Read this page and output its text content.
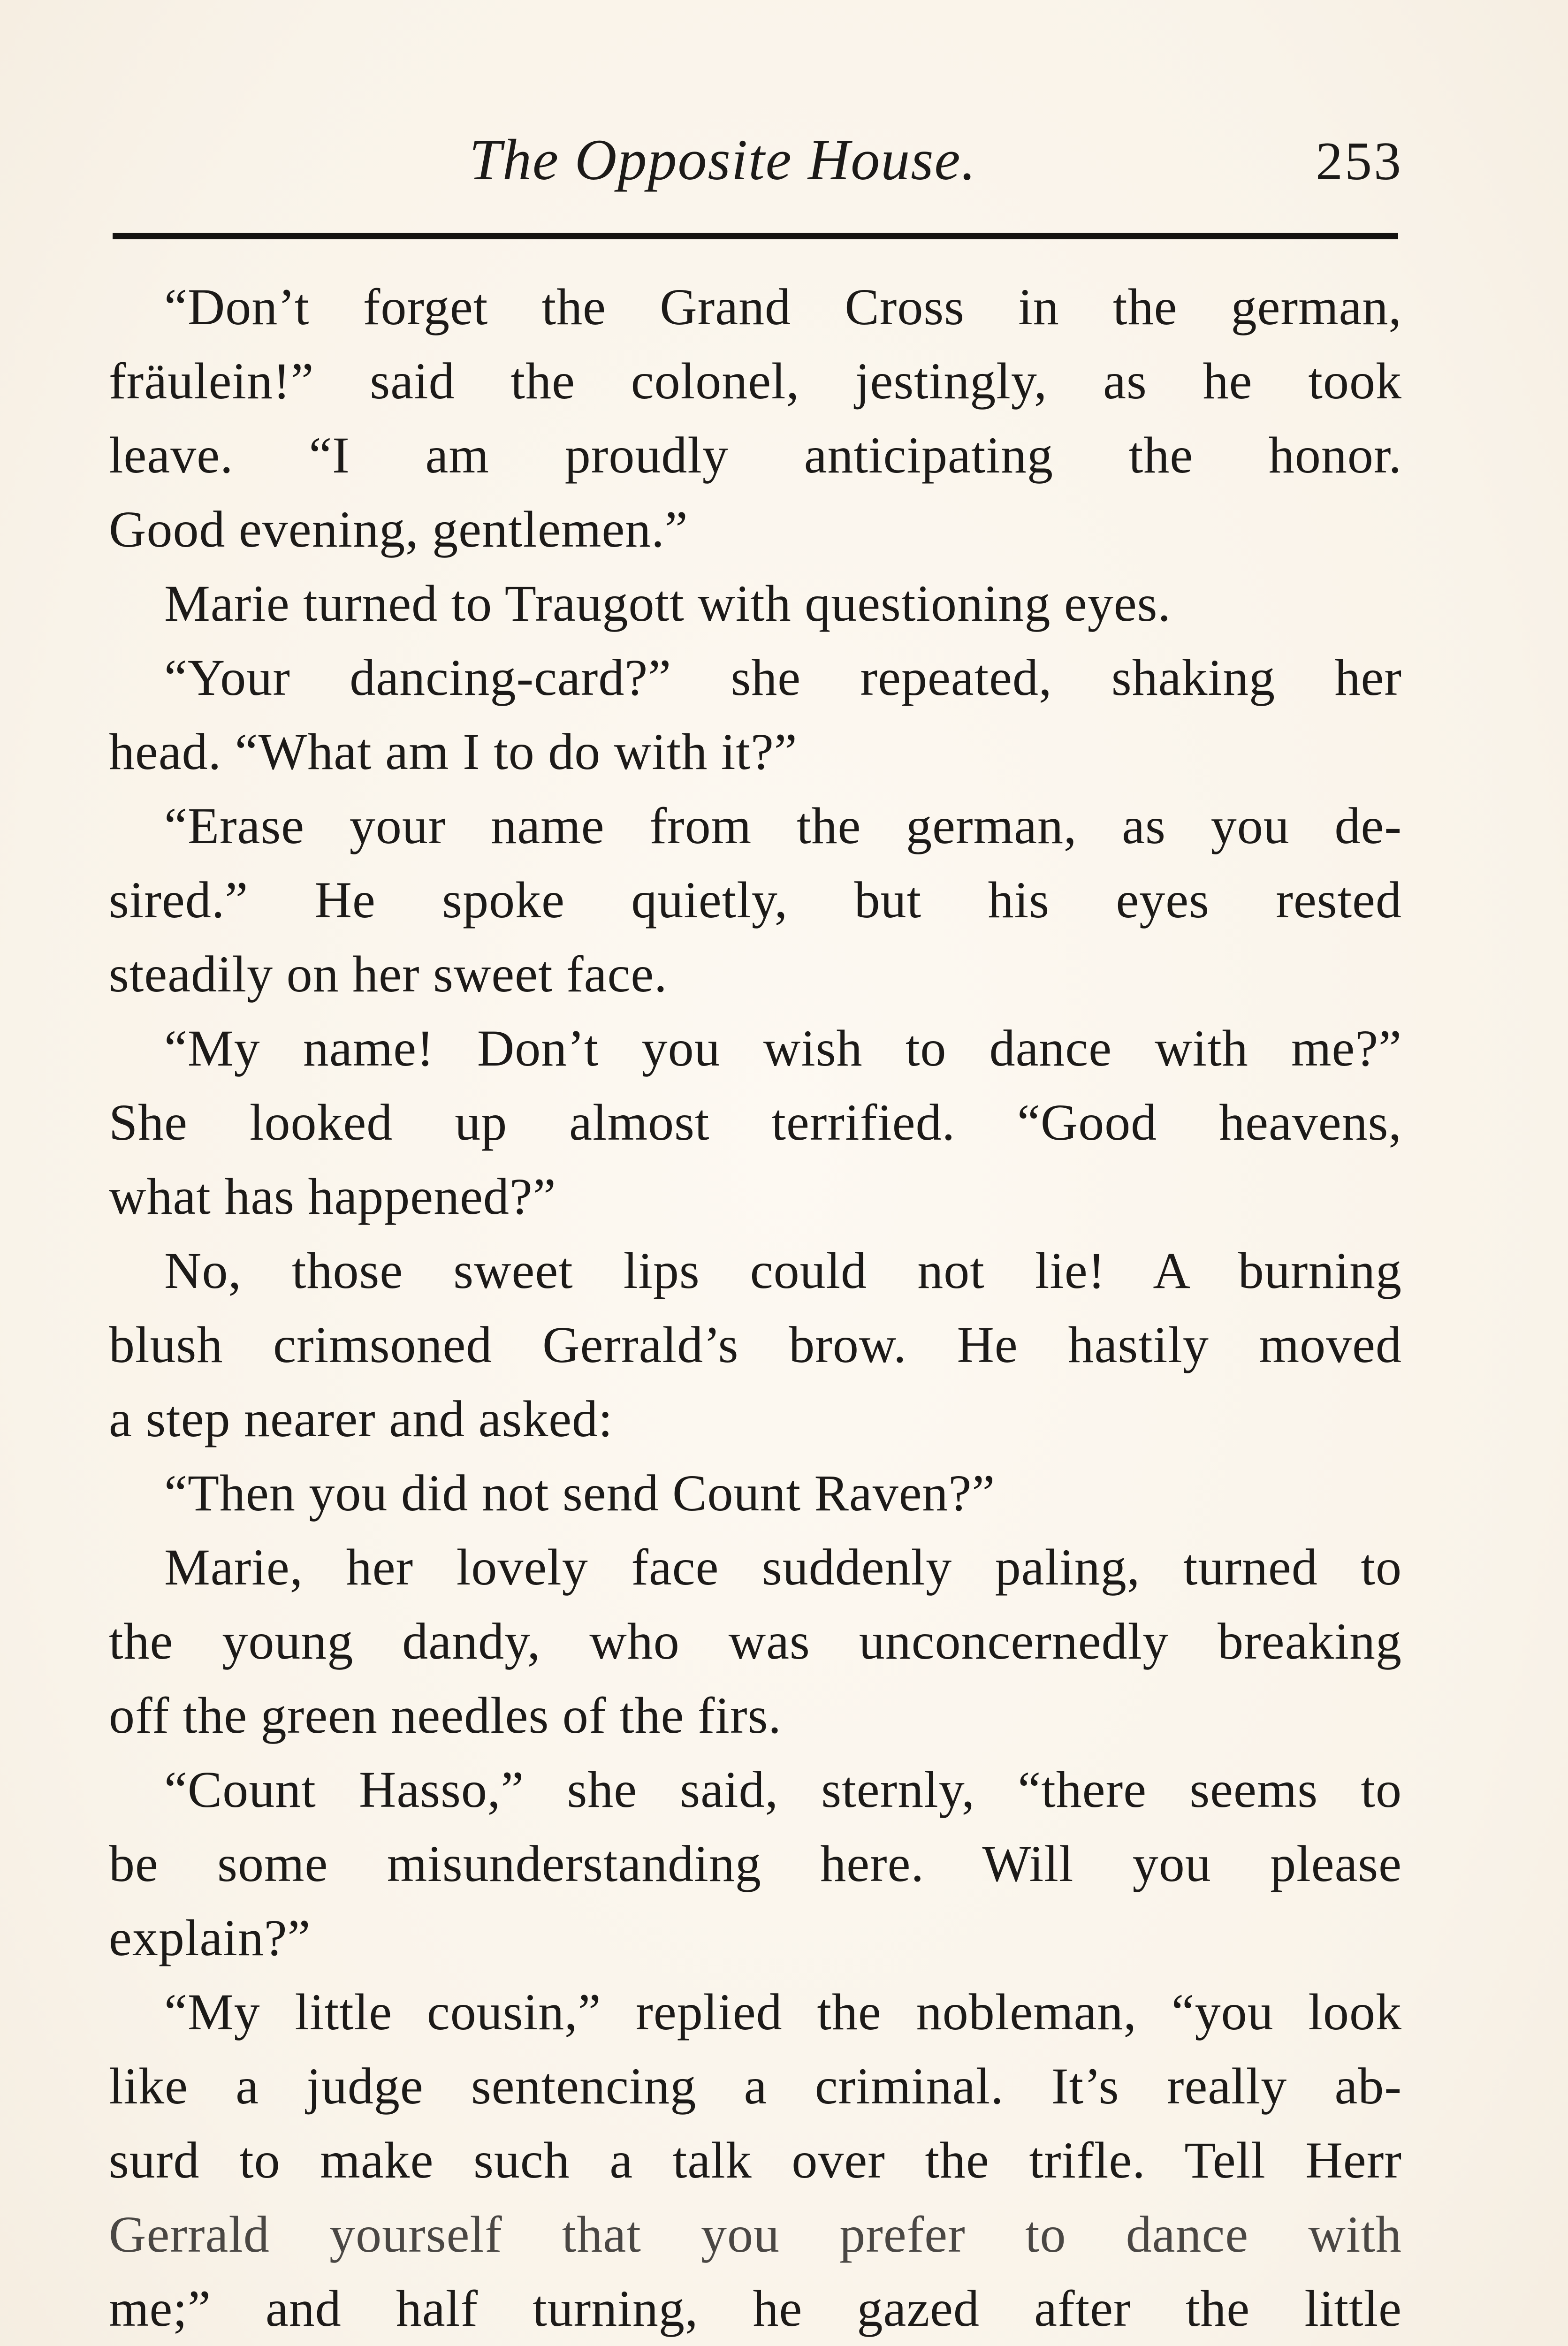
The Opposite House.	253
“Don’t forget the Grand Cross in the german,
fräulein!” said the colonel, jestingly, as he took
leave. “I am proudly anticipating the honor.
Good evening, gentlemen.”
Marie turned to Traugott with questioning eyes.
“Your dancing-card?” she repeated, shaking her
head. “What am I to do with it?”
“Erase your name from the german, as you de-
sired.” He spoke quietly, but his eyes rested
steadily on her sweet face.
“My name! Don’t you wish to dance with me?”
She looked up almost terrified. “Good heavens,
what has happened?”
No, those sweet lips could not lie! A burning
blush crimsoned Gerrald’s brow. He hastily moved
a step nearer and asked:
“Then you did not send Count Raven?”
Marie, her lovely face suddenly paling, turned to
the young dandy, who was unconcernedly breaking
off the green needles of the firs.
“Count Hasso,” she said, sternly, “there seems to
be some misunderstanding here. Will you please
explain?”
“My little cousin,” replied the nobleman, “you look
like a judge sentencing a criminal. It’s really ab-
surd to make such a talk over the trifle. Tell Herr
Gerrald yourself that you prefer to dance with
me;” and half turning, he gazed after the little
